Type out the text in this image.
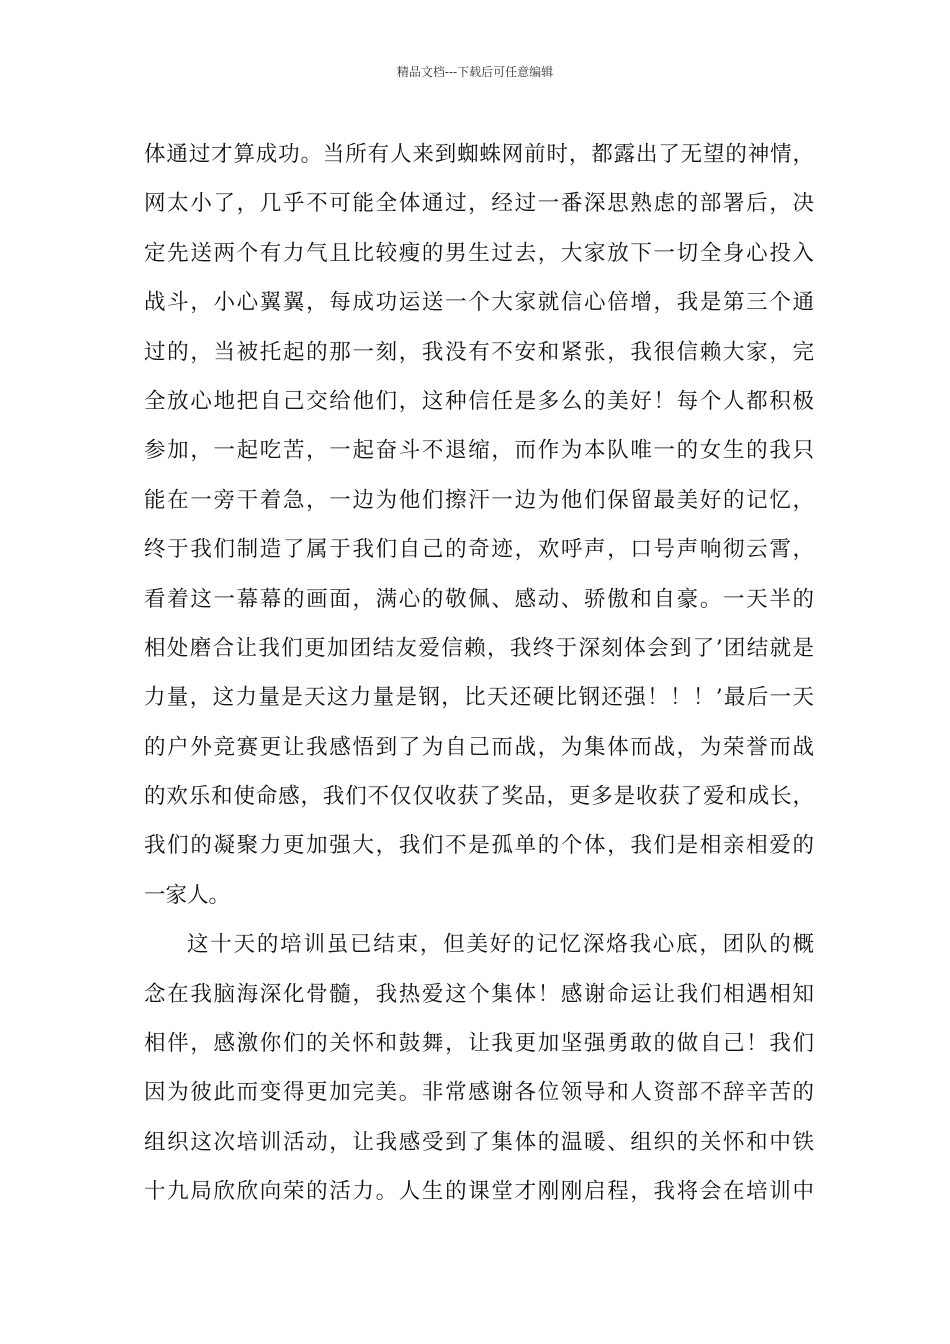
精品文档---下载后可任意编辑
体通过才算成功。当所有人来到蜘蛛网前时，都露出了无望的神情，
网太小了，几乎不可能全体通过，经过一番深思熟虑的部署后，决
定先送两个有力气且比较瘦的男生过去，大家放下一切全身心投入
战斗，小心翼翼，每成功运送一个大家就信心倍增，我是第三个通
过的，当被托起的那一刻，我没有不安和紧张，我很信赖大家，完
全放心地把自己交给他们，这种信任是多么的美好！每个人都积极
参加，一起吃苦，一起奋斗不退缩，而作为本队唯一的女生的我只
能在一旁干着急，一边为他们擦汗一边为他们保留最美好的记忆，
终于我们制造了属于我们自己的奇迹，欢呼声，口号声响彻云霄，
看着这一幕幕的画面，满心的敬佩、感动、骄傲和自豪。一天半的
相处磨合让我们更加团结友爱信赖，我终于深刻体会到了’团结就是
力量，这力量是天这力量是钢，比天还硬比钢还强！！！’最后一天
的户外竞赛更让我感悟到了为自己而战，为集体而战，为荣誉而战
的欢乐和使命感，我们不仅仅收获了奖品，更多是收获了爱和成长，
我们的凝聚力更加强大，我们不是孤单的个体，我们是相亲相爱的
一家人。
这十天的培训虽已结束，但美好的记忆深烙我心底，团队的概
念在我脑海深化骨髓，我热爱这个集体！感谢命运让我们相遇相知
相伴，感激你们的关怀和鼓舞，让我更加坚强勇敢的做自己！我们
因为彼此而变得更加完美。非常感谢各位领导和人资部不辞辛苦的
组织这次培训活动，让我感受到了集体的温暖、组织的关怀和中铁
十九局欣欣向荣的活力。人生的课堂才刚刚启程，我将会在培训中
